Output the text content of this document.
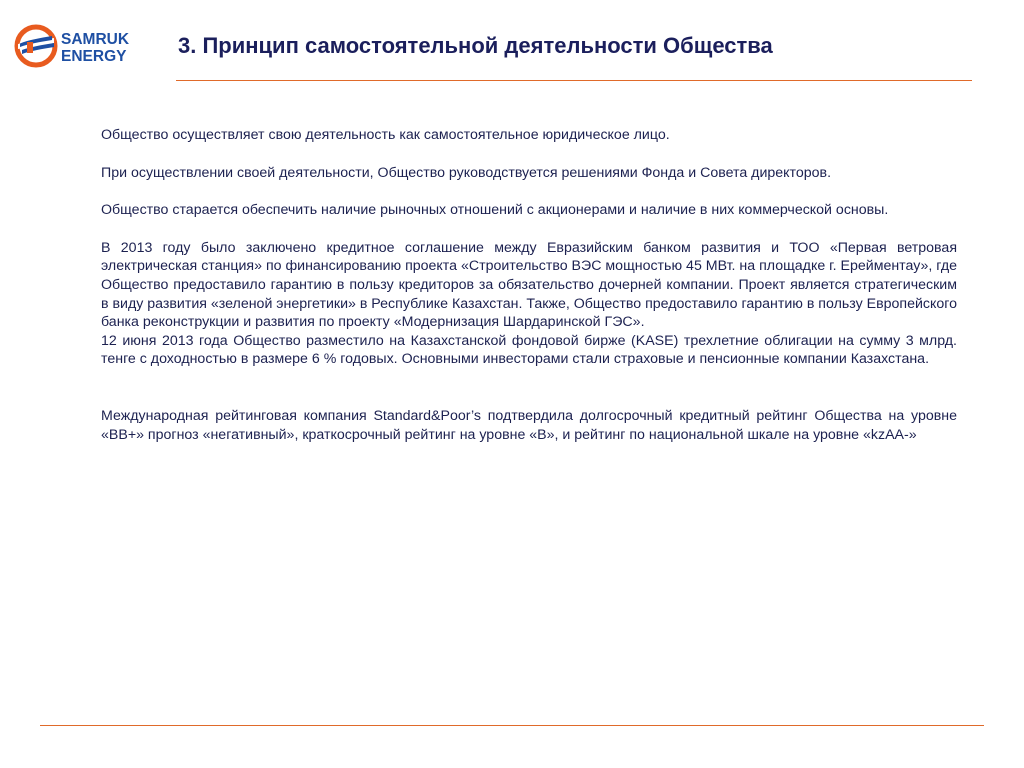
SAMRUK
ENERGY 3. Принцип самостоятельной деятельности Общества

Общество осуществляет свою деятельность как самостоятельное юридическое лицо.

При осуществлении своей деятельности, Общество руководствуется решениями Фонда и Совета директоров.

Общество старается обеспечить наличие рыночных отношений с акционерами и наличие в них коммерческой основы.

В 2013 году было заключено кредитное соглашение между Евразийским банком развития и ТОО «Первая ветровая электрическая станция» по финансированию проекта «Строительство ВЭС мощностью 45 МВт. на площадке г. Ерейментау», где Общество предоставило гарантию в пользу кредиторов за обязательство дочерней компании. Проект является стратегическим в виду развития «зеленой энергетики» в Республике Казахстан. Также, Общество предоставило гарантию в пользу Европейского банка реконструкции и развития по проекту «Модернизация Шардаринской ГЭС».

12 июня 2013 года Общество разместило на Казахстанской фондовой бирже (KASE) трехлетние облигации на сумму 3 млрд. тенге с доходностью в размере 6 % годовых. Основными инвесторами стали страховые и пенсионные компании Казахстана.

Международная рейтинговая компания Standard&Poor’s подтвердила долгосрочный кредитный рейтинг Общества на уровне «BB+» прогноз «негативный», краткосрочный рейтинг на уровне «B», и рейтинг по национальной шкале на уровне «kzAA-»
